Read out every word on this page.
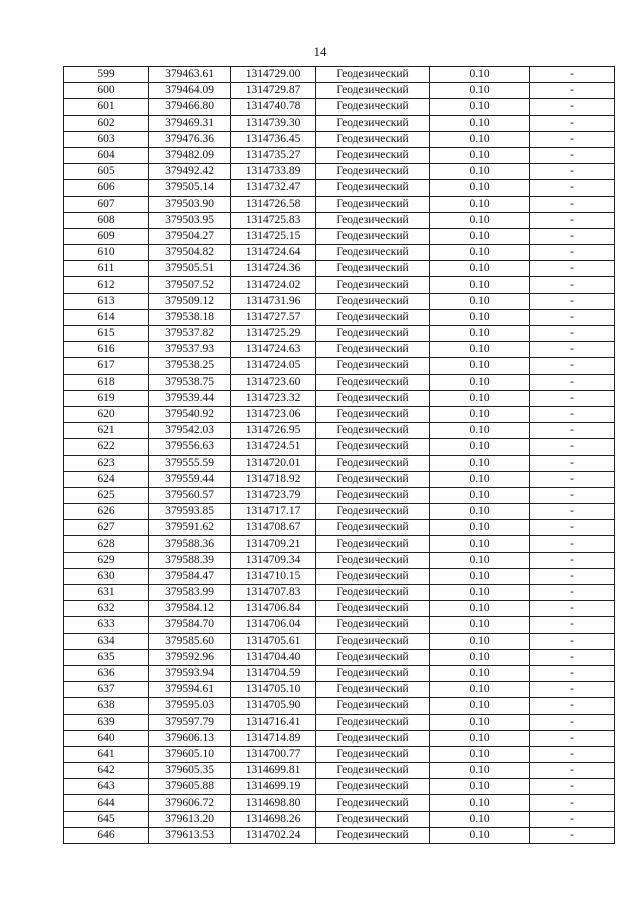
14
599	379463.61	1314729.00	Геодезический	0.10	-
600	379464.09	1314729.87	Геодезический	0.10	-
601	379466.80	1314740.78	Геодезический	0.10	-
602	379469.31	1314739.30	Геодезический	0.10	-
603	379476.36	1314736.45	Геодезический	0.10	-
604	379482.09	1314735.27	Геодезический	0.10	-
605	379492.42	1314733.89	Геодезический	0.10	-
606	379505.14	1314732.47	Геодезический	0.10	-
607	379503.90	1314726.58	Геодезический	0.10	-
608	379503.95	1314725.83	Геодезический	0.10	-
609	379504.27	1314725.15	Геодезический	0.10	-
610	379504.82	1314724.64	Геодезический	0.10	-
611	379505.51	1314724.36	Геодезический	0.10	-
612	379507.52	1314724.02	Геодезический	0.10	-
613	379509.12	1314731.96	Геодезический	0.10	-
614	379538.18	1314727.57	Геодезический	0.10	-
615	379537.82	1314725.29	Геодезический	0.10	-
616	379537.93	1314724.63	Геодезический	0.10	-
617	379538.25	1314724.05	Геодезический	0.10	-
618	379538.75	1314723.60	Геодезический	0.10	-
619	379539.44	1314723.32	Геодезический	0.10	-
620	379540.92	1314723.06	Геодезический	0.10	-
621	379542.03	1314726.95	Геодезический	0.10	-
622	379556.63	1314724.51	Геодезический	0.10	-
623	379555.59	1314720.01	Геодезический	0.10	-
624	379559.44	1314718.92	Геодезический	0.10	-
625	379560.57	1314723.79	Геодезический	0.10	-
626	379593.85	1314717.17	Геодезический	0.10	-
627	379591.62	1314708.67	Геодезический	0.10	-
628	379588.36	1314709.21	Геодезический	0.10	-
629	379588.39	1314709.34	Геодезический	0.10	-
630	379584.47	1314710.15	Геодезический	0.10	-
631	379583.99	1314707.83	Геодезический	0.10	-
632	379584.12	1314706.84	Геодезический	0.10	-
633	379584.70	1314706.04	Геодезический	0.10	-
634	379585.60	1314705.61	Геодезический	0.10	-
635	379592.96	1314704.40	Геодезический	0.10	-
636	379593.94	1314704.59	Геодезический	0.10	-
637	379594.61	1314705.10	Геодезический	0.10	-
638	379595.03	1314705.90	Геодезический	0.10	-
639	379597.79	1314716.41	Геодезический	0.10	-
640	379606.13	1314714.89	Геодезический	0.10	-
641	379605.10	1314700.77	Геодезический	0.10	-
642	379605.35	1314699.81	Геодезический	0.10	-
643	379605.88	1314699.19	Геодезический	0.10	-
644	379606.72	1314698.80	Геодезический	0.10	-
645	379613.20	1314698.26	Геодезический	0.10	-
646	379613.53	1314702.24	Геодезический	0.10	-
